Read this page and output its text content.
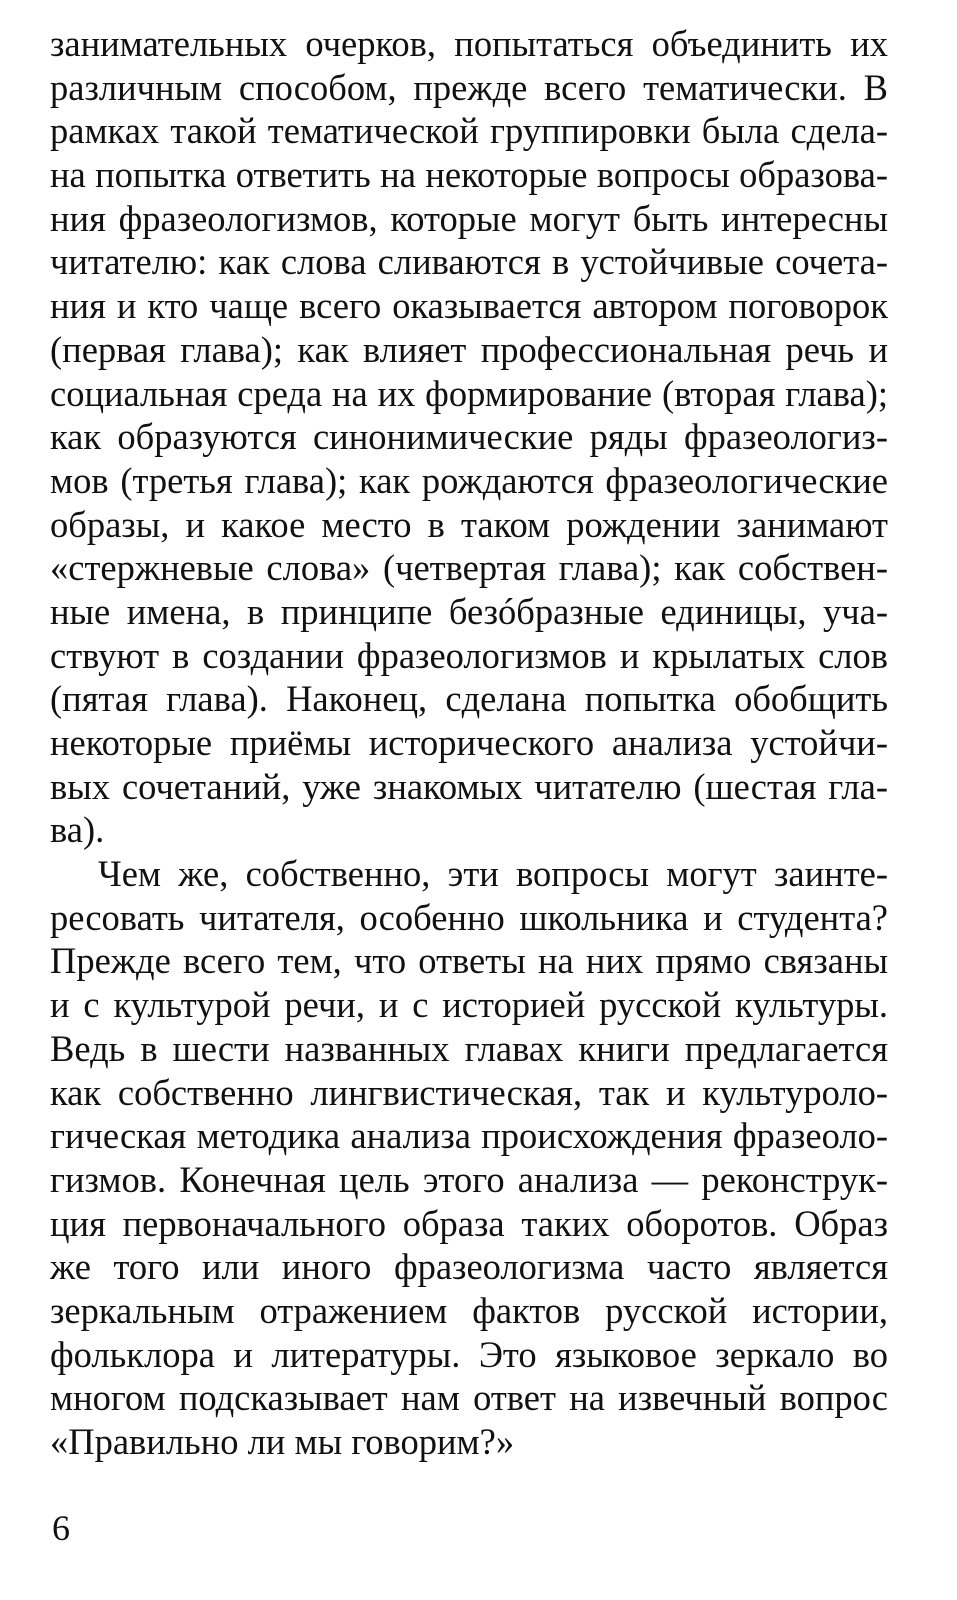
занимательных очерков, попытаться объединить их
различным способом, прежде всего тематически. В
рамках такой тематической группировки была сдела-
на попытка ответить на некоторые вопросы образова-
ния фразеологизмов, которые могут быть интересны
читателю: как слова сливаются в устойчивые сочета-
ния и кто чаще всего оказывается автором поговорок
(первая глава); как влияет профессиональная речь и
социальная среда на их формирование (вторая глава);
как образуются синонимические ряды фразеологиз-
мов (третья глава); как рождаются фразеологические
образы, и какое место в таком рождении занимают
«стержневые слова» (четвертая глава); как собствен-
ные имена, в принципе безóбразные единицы, уча-
ствуют в создании фразеологизмов и крылатых слов
(пятая глава). Наконец, сделана попытка обобщить
некоторые приёмы исторического анализа устойчи-
вых сочетаний, уже знакомых читателю (шестая гла-
ва).
Чем же, собственно, эти вопросы могут заинте-
ресовать читателя, особенно школьника и студента?
Прежде всего тем, что ответы на них прямо связаны
и с культурой речи, и с историей русской культуры.
Ведь в шести названных главах книги предлагается
как собственно лингвистическая, так и культуроло-
гическая методика анализа происхождения фразеоло-
гизмов. Конечная цель этого анализа — реконструк-
ция первоначального образа таких оборотов. Образ
же того или иного фразеологизма часто является
зеркальным отражением фактов русской истории,
фольклора и литературы. Это языковое зеркало во
многом подсказывает нам ответ на извечный вопрос
«Правильно ли мы говорим?»
6
